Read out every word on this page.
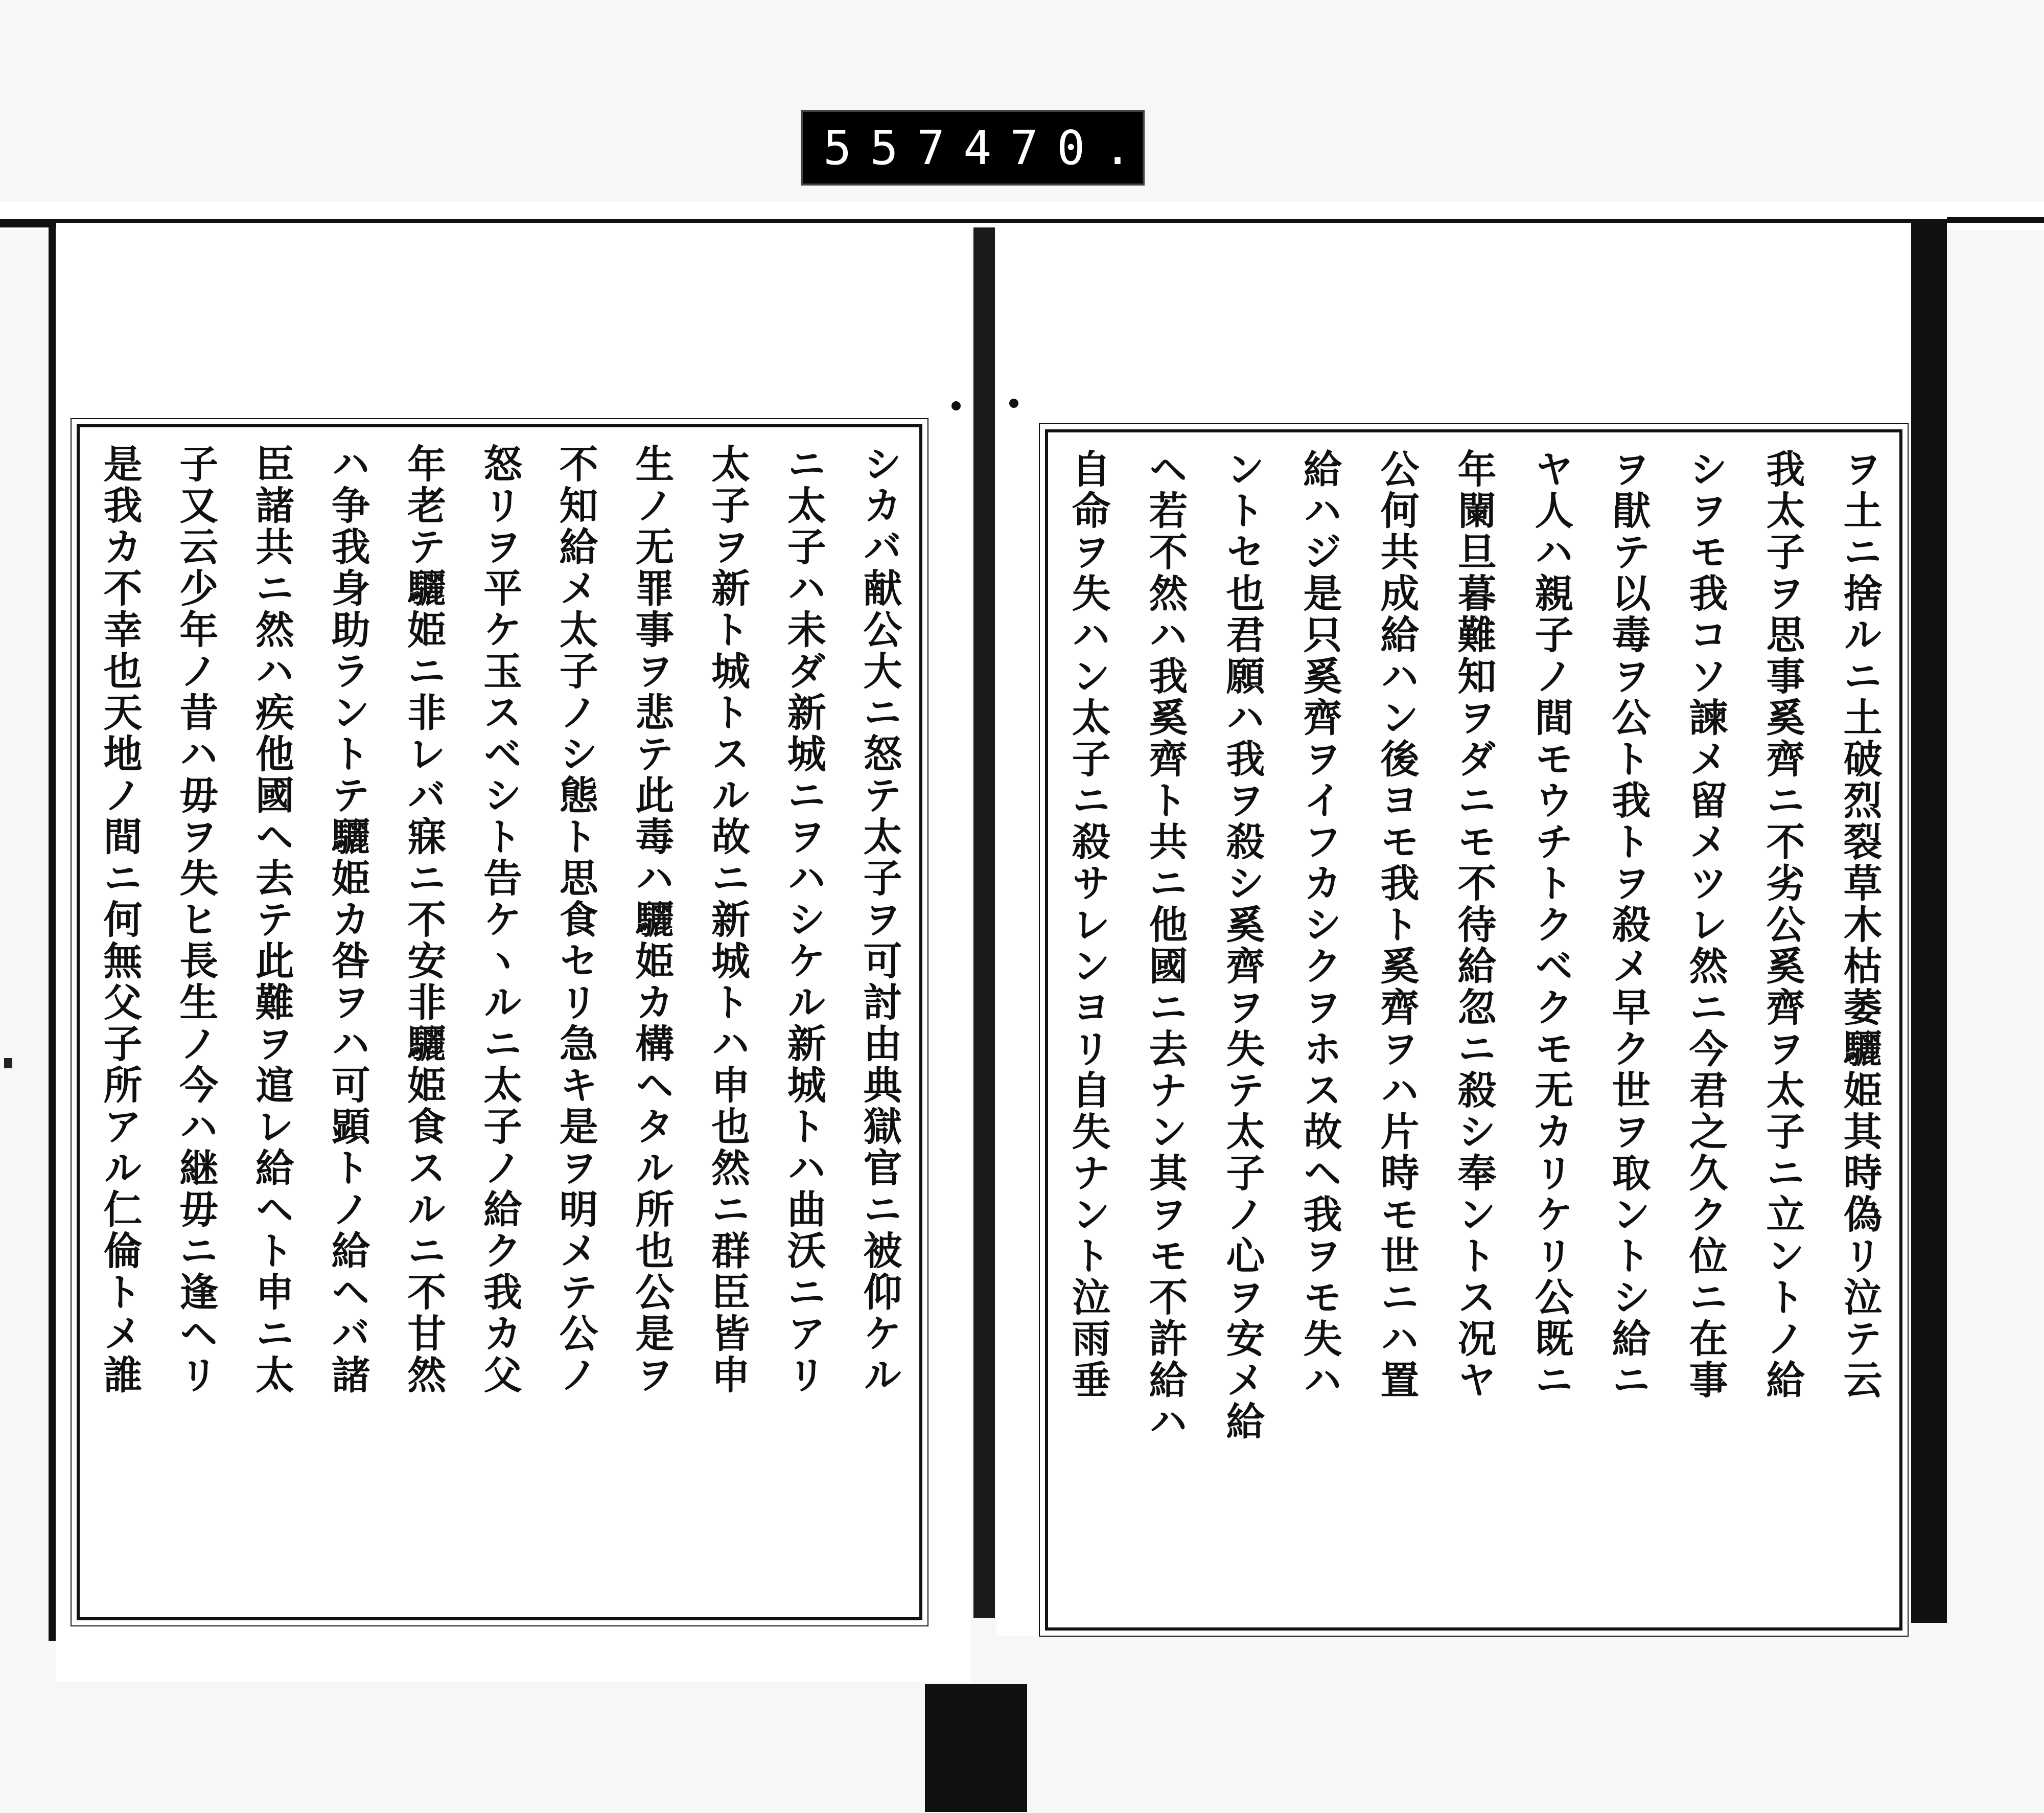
557 470.
ヲ土ニ捨ルニ土破烈裂草木枯萎驪姫其時偽リ泣テ云
我太子ヲ思事奚齊ニ不劣公奚齊ヲ太子ニ立ントノ給
シヲモ我コソ諫メ留メツレ然ニ今君之久ク位ニ在事
ヲ猒テ以毒ヲ公ト我トヲ殺メ早ク世ヲ取ントシ給ニ
ヤ人ハ親子ノ間モウチトクベクモ无カリケリ公既ニ
年闌旦暮難知ヲダニモ不待給忽ニ殺シ奉ントス况ヤ
公何共成給ハン後ヨモ我ト奚齊ヲハ片時モ世ニハ置
給ハジ是只奚齊ヲイフカシクヲホス故ヘ我ヲモ失ハ
ントセ也君願ハ我ヲ殺シ奚齊ヲ失テ太子ノ心ヲ安メ給
ヘ若不然ハ我奚齊ト共ニ他國ニ去ナン其ヲモ不許給ハ
自命ヲ失ハン太子ニ殺サレンヨリ自失ナント泣雨垂
シカバ献公大ニ怒テ太子ヲ可討由典獄官ニ被仰ケル
ニ太子ハ未ダ新城ニヲハシケル新城トハ曲沃ニアリ
太子ヲ新ト城トスル故ニ新城トハ申也然ニ群臣皆申
生ノ无罪事ヲ悲テ此毒ハ驪姫カ構ヘタル所也公是ヲ
不知給メ太子ノシ態ト思食セリ急キ是ヲ明メテ公ノ
怒リヲ平ケ玉スベシト告ケヽルニ太子ノ給ク我カ父
年老テ驪姫ニ非レバ寐ニ不安非驪姫食スルニ不甘然
ハ争我身助ラントテ驪姫カ咎ヲハ可顕トノ給ヘバ諸
臣諸共ニ然ハ疾他國ヘ去テ此難ヲ逭レ給ヘト申ニ太
子又云少年ノ昔ハ毋ヲ失ヒ長生ノ今ハ継毋ニ逢ヘリ
是我カ不幸也天地ノ間ニ何無父子所アル仁倫トメ誰
